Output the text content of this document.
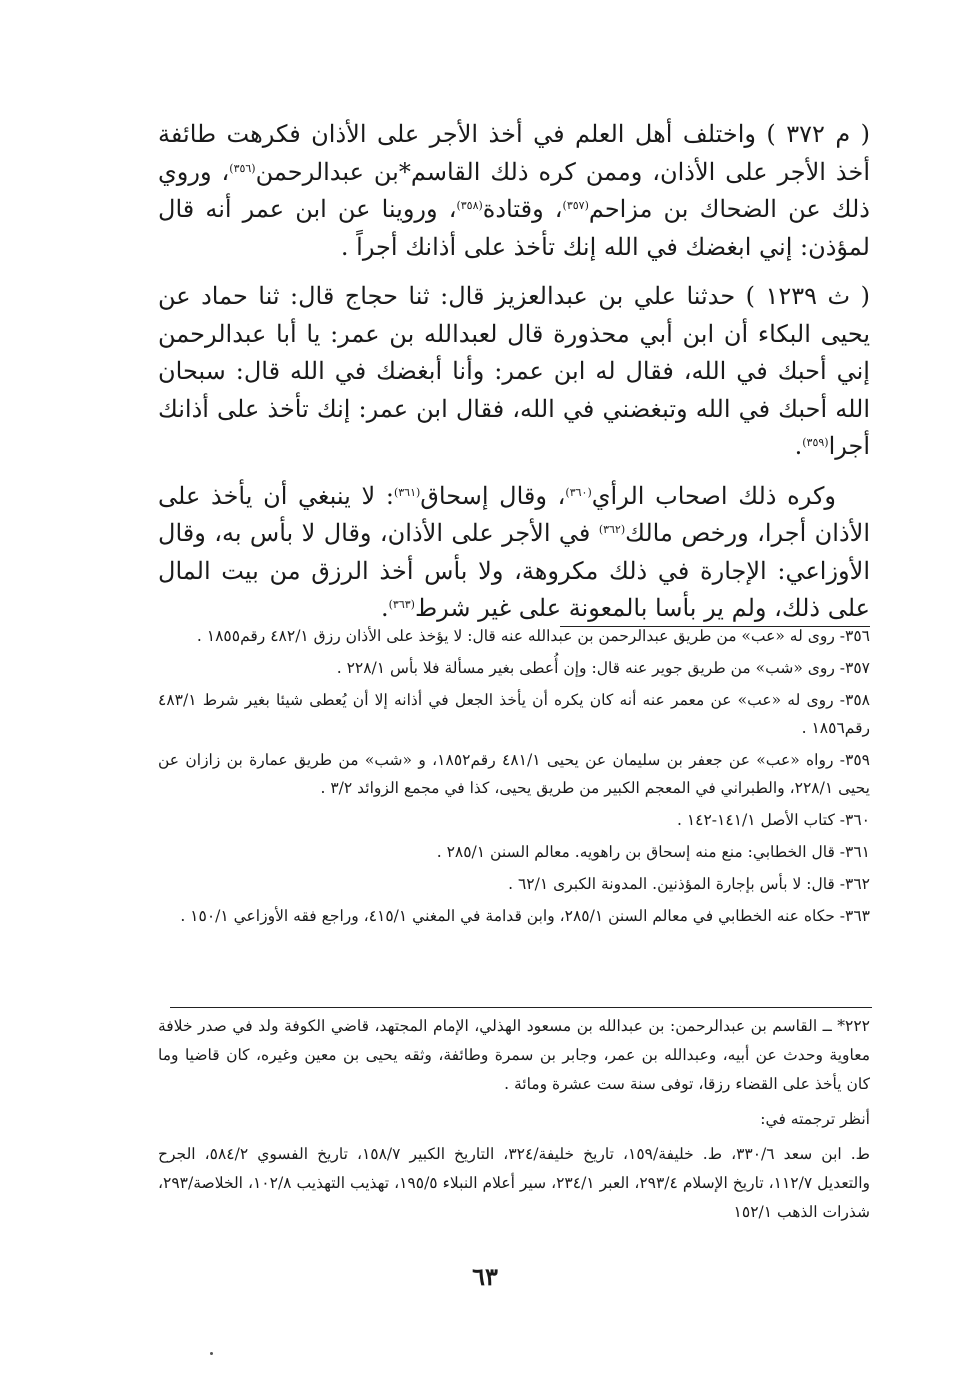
( م ٣٧٢ ) واختلف أهل العلم في أخذ الأجر على الأذان فكرهت طائفة أخذ الأجر على الأذان، وممن كره ذلك القاسم*بن عبدالرحمن$^{(٣٥٦)}$، وروي ذلك عن الضحاك بن مزاحم$^{(٣٥٧)}$، وقتادة$^{(٣٥٨)}$، وروينا عن ابن عمر أنه قال لمؤذن: إني ابغضك في الله إنك تأخذ على أذانك أجراً .

( ث ١٢٣٩ ) حدثنا علي بن عبدالعزيز قال: ثنا حجاج قال: ثنا حماد عن يحيى البكاء أن ابن أبي محذورة قال لعبدالله بن عمر: يا أبا عبدالرحمن إني أحبك في الله، فقال له ابن عمر: وأنا أبغضك في الله قال: سبحان الله أحبك في الله وتبغضني في الله، فقال ابن عمر: إنك تأخذ على أذانك أجرا$^{(٣٥٩)}$.

وكره ذلك اصحاب الرأي$^{(٣٦٠)}$، وقال إسحاق$^{(٣٦١)}$: لا ينبغي أن يأخذ على الأذان أجرا، ورخص مالك$^{(٣٦٢)}$ في الأجر على الأذان، وقال لا بأس به، وقال الأوزاعي: الإجارة في ذلك مكروهة، ولا بأس أخذ الرزق من بيت المال على ذلك، ولم ير بأسا بالمعونة على غير شرط$^{(٣٦٣)}$.

٣٥٦- روى له «عب» من طريق عبدالرحمن بن عبدالله عنه قال: لا يؤخذ على الأذان رزق ٤٨٢/١ رقم١٨٥٥ .

٣٥٧- روى «شب» من طريق جوير عنه قال: وإن أُعطى بغير مسألة فلا بأس ٢٢٨/١ .

٣٥٨- روى له «عب» عن معمر عنه أنه كان يكره أن يأخذ الجعل في أذانه إلا أن يُعطى شيئا بغير شرط ٤٨٣/١ رقم١٨٥٦ .

٣٥٩- رواه «عب» عن جعفر بن سليمان عن يحيى ٤٨١/١ رقم١٨٥٢، و «شب» من طريق عمارة بن زازان عن يحيى ٢٢٨/١، والطبراني في المعجم الكبير من طريق يحيى، كذا في مجمع الزوائد ٣/٢ .

٣٦٠- كتاب الأصل ١٤١/١-١٤٢ .

٣٦١- قال الخطابي: منع منه إسحاق بن راهويه. معالم السنن ٢٨٥/١ .

٣٦٢- قال: لا بأس بإجارة المؤذنين. المدونة الكبرى ٦٢/١ .

٣٦٣- حكاه عنه الخطابي في معالم السنن ٢٨٥/١، وابن قدامة في المغني ٤١٥/١، وراجع فقه الأوزاعي ١٥٠/١ .

٢٢٢* ــ القاسم بن عبدالرحمن: بن عبدالله بن مسعود الهذلي، الإمام المجتهد، قاضي الكوفة ولد في صدر خلافة معاوية وحدث عن أبيه، وعبدالله بن عمر، وجابر بن سمرة وطائفة، وثقه يحيى بن معين وغيره، كان قاضيا وما كان يأخذ على القضاء رزقا، توفى سنة ست عشرة ومائة .

أنظر ترجمته في:

ط. ابن سعد ٣٣٠/٦، ط. خليفة/١٥٩، تاريخ خليفة/٣٢٤، التاريخ الكبير ١٥٨/٧، تاريخ الفسوي ٥٨٤/٢، الجرح والتعديل ١١٢/٧، تاريخ الإسلام ٢٩٣/٤، العبر ٢٣٤/١، سير أعلام النبلاء ١٩٥/٥، تهذيب التهذيب ١٠٢/٨، الخلاصة/٢٩٣، شذرات الذهب ١٥٢/١

٦٣
